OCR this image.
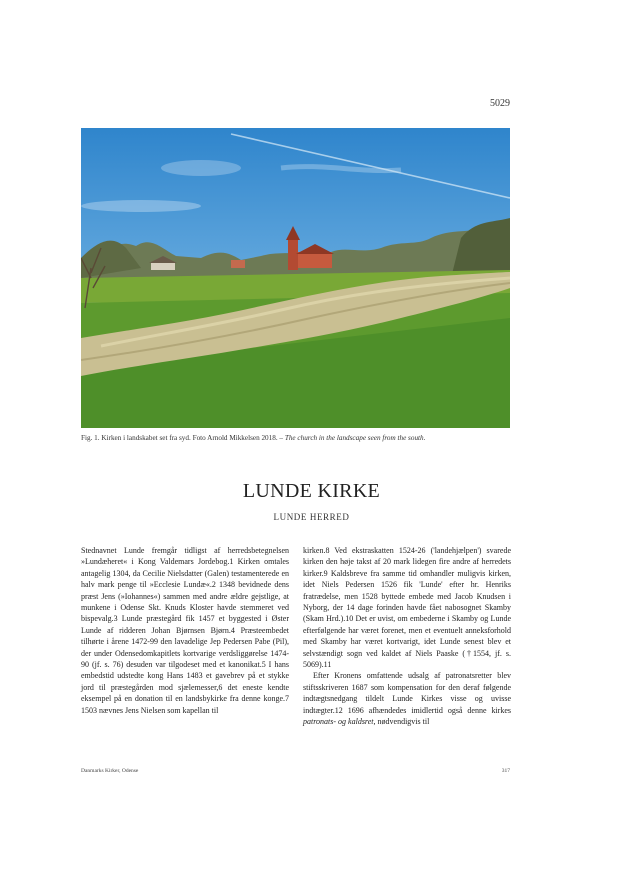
5029
Fig. 1. Kirken i landskabet set fra syd. Foto Arnold Mikkelsen 2018. – The church in the landscape seen from the south.
LUNDE KIRKE
LUNDE HERRED

Stednavnet Lunde fremgår tidligst af herredsbetegnelsen »Lundæheret« i Kong Valdemars Jordebog.1 Kirken omtales antagelig 1304, da Cecilie Nielsdatter (Galen) testamenterede en halv mark penge til »Ecclesie Lundæ«.2 1348 bevidnede dens præst Jens (»Iohannes«) sammen med andre ældre gejstlige, at munkene i Odense Skt. Knuds Kloster havde stemmeret ved bispevalg.3 Lunde præstegård fik 1457 et byggested i Øster Lunde af ridderen Johan Bjørnsen Bjørn.4 Præsteembedet tilhørte i årene 1472-99 den lavadelige Jep Pedersen Pabe (Pil), der under Odensedomkapitlets kortvarige verdsliggørelse 1474-90 (jf. s. 76) desuden var tilgodeset med et kanonikat.5 I hans embedstid udstedte kong Hans 1483 et gavebrev på et stykke jord til præstegården mod sjælemesser,6 det eneste kendte eksempel på en donation til en landsbykirke fra denne konge.7 1503 nævnes Jens Nielsen som kapellan til

kirken.8 Ved ekstraskatten 1524-26 ('landehjælpen') svarede kirken den høje takst af 20 mark lidegen fire andre af herredets kirker.9 Kaldsbreve fra samme tid omhandler muligvis kirken, idet Niels Pedersen 1526 fik 'Lunde' efter hr. Henriks fratrædelse, men 1528 byttede embede med Jacob Knudsen i Nyborg, der 14 dage forinden havde fået nabosognet Skamby (Skam Hrd.).10 Det er uvist, om embederne i Skamby og Lunde efterfølgende har været forenet, men et eventuelt anneksforhold med Skamby har været kortvarigt, idet Lunde senest blev et selvstændigt sogn ved kaldet af Niels Paaske (†1554, jf. s. 5069).11

Efter Kronens omfattende udsalg af patronatsretter blev stiftsskriveren 1687 som kompensation for den deraf følgende indtægtsnedgang tildelt Lunde Kirkes visse og uvisse indtægter.12 1696 afhændedes imidlertid også denne kirkes patronats- og kaldsret, nødvendigvis til

Danmarks Kirker, Odense	317
